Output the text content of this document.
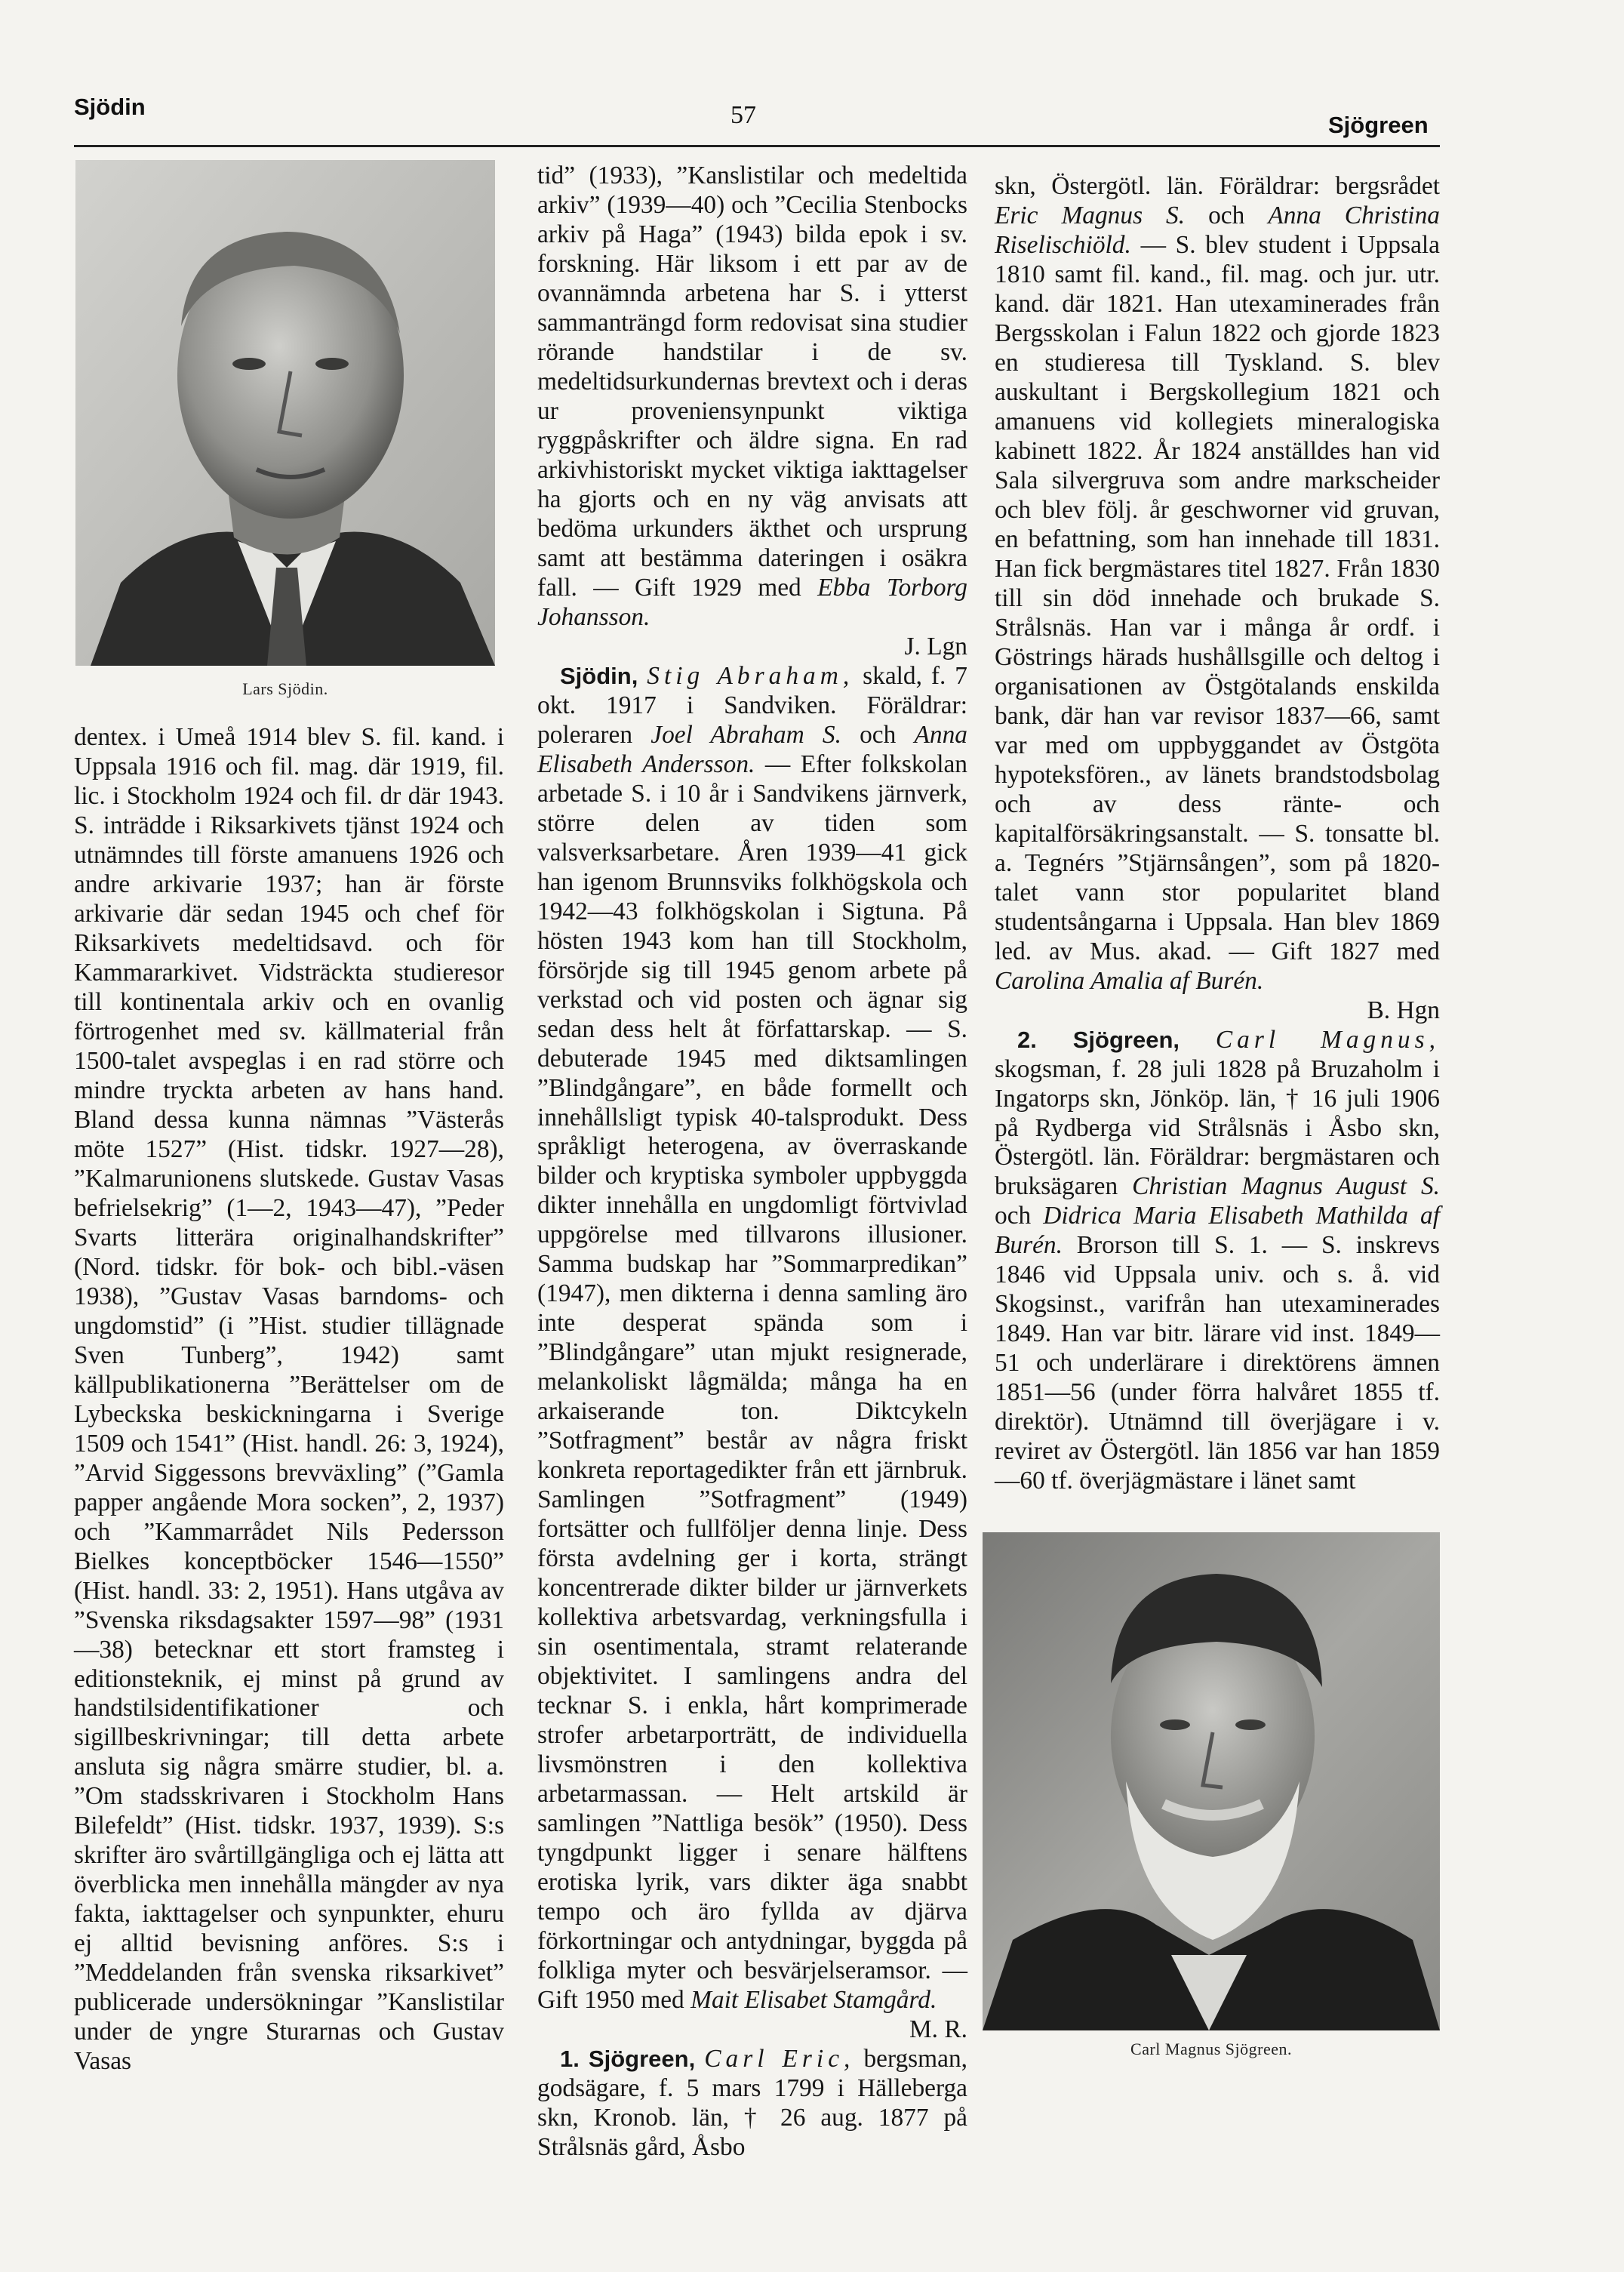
Sjödin	57	Sjögreen
Lars Sjödin.

dentex. i Umeå 1914 blev S. fil. kand. i Uppsala 1916 och fil. mag. där 1919, fil. lic. i Stockholm 1924 och fil. dr där 1943. S. inträdde i Riksarkivets tjänst 1924 och utnämndes till förste amanuens 1926 och andre arkivarie 1937; han är förste arkivarie där sedan 1945 och chef för Riksarkivets medeltidsavd. och för Kammararkivet. Vidsträckta studieresor till kontinentala arkiv och en ovanlig förtrogenhet med sv. källmaterial från 1500-talet avspeglas i en rad större och mindre tryckta arbeten av hans hand. Bland dessa kunna nämnas ”Västerås möte 1527” (Hist. tidskr. 1927—28), ”Kalmarunionens slutskede. Gustav Vasas befrielsekrig” (1—2, 1943—47), ”Peder Svarts litterära originalhandskrifter” (Nord. tidskr. för bok- och bibl.-väsen 1938), ”Gustav Vasas barndoms- och ungdomstid” (i ”Hist. studier tillägnade Sven Tunberg”, 1942) samt källpublikationerna ”Berättelser om de Lybeckska beskickningarna i Sverige 1509 och 1541” (Hist. handl. 26: 3, 1924), ”Arvid Siggessons brevväxling” (”Gamla papper angående Mora socken”, 2, 1937) och ”Kammarrådet Nils Pedersson Bielkes konceptböcker 1546—1550” (Hist. handl. 33: 2, 1951). Hans utgåva av ”Svenska riksdagsakter 1597—98” (1931—38) betecknar ett stort framsteg i editionsteknik, ej minst på grund av handstilsidentifikationer och sigillbeskrivningar; till detta arbete ansluta sig några smärre studier, bl. a. ”Om stadsskrivaren i Stockholm Hans Bilefeldt” (Hist. tidskr. 1937, 1939). S:s skrifter äro svårtillgängliga och ej lätta att överblicka men innehålla mängder av nya fakta, iakttagelser och synpunkter, ehuru ej alltid bevisning anföres. S:s i ”Meddelanden från svenska riksarkivet” publicerade undersökningar ”Kanslistilar under de yngre Sturarnas och Gustav Vasas

tid” (1933), ”Kanslistilar och medeltida arkiv” (1939—40) och ”Cecilia Stenbocks arkiv på Haga” (1943) bilda epok i sv. forskning. Här liksom i ett par av de ovannämnda arbetena har S. i ytterst sammanträngd form redovisat sina studier rörande handstilar i de sv. medeltidsurkundernas brevtext och i deras ur proveniensynpunkt viktiga ryggpåskrifter och äldre signa. En rad arkivhistoriskt mycket viktiga iakttagelser ha gjorts och en ny väg anvisats att bedöma urkunders äkthet och ursprung samt att bestämma dateringen i osäkra fall. — Gift 1929 med Ebba Torborg Johansson.

J. Lgn

Sjödin, Stig Abraham, skald, f. 7 okt. 1917 i Sandviken. Föräldrar: poleraren Joel Abraham S. och Anna Elisabeth Andersson. — Efter folkskolan arbetade S. i 10 år i Sandvikens järnverk, större delen av tiden som valsverksarbetare. Åren 1939—41 gick han igenom Brunnsviks folkhögskola och 1942—43 folkhögskolan i Sigtuna. På hösten 1943 kom han till Stockholm, försörjde sig till 1945 genom arbete på verkstad och vid posten och ägnar sig sedan dess helt åt författarskap. — S. debuterade 1945 med diktsamlingen ”Blindgångare”, en både formellt och innehållsligt typisk 40-talsprodukt. Dess språkligt heterogena, av överraskande bilder och kryptiska symboler uppbyggda dikter innehålla en ungdomligt förtvivlad uppgörelse med tillvarons illusioner. Samma budskap har ”Sommarpredikan” (1947), men dikterna i denna samling äro inte desperat spända som i ”Blindgångare” utan mjukt resignerade, melankoliskt lågmälda; många ha en arkaiserande ton. Diktcykeln ”Sotfragment” består av några friskt konkreta reportagedikter från ett järnbruk. Samlingen ”Sotfragment” (1949) fortsätter och fullföljer denna linje. Dess första avdelning ger i korta, strängt koncentrerade dikter bilder ur järnverkets kollektiva arbetsvardag, verkningsfulla i sin osentimentala, stramt relaterande objektivitet. I samlingens andra del tecknar S. i enkla, hårt komprimerade strofer arbetarporträtt, de individuella livsmönstren i den kollektiva arbetarmassan. — Helt artskild är samlingen ”Nattliga besök” (1950). Dess tyngdpunkt ligger i senare hälftens erotiska lyrik, vars dikter äga snabbt tempo och äro fyllda av djärva förkortningar och antydningar, byggda på folkliga myter och besvärjelseramsor. — Gift 1950 med Mait Elisabet Stamgård.

M. R.

1. Sjögreen, Carl Eric, bergsman, godsägare, f. 5 mars 1799 i Hälleberga skn, Kronob. län, † 26 aug. 1877 på Strålsnäs gård, Åsbo

skn, Östergötl. län. Föräldrar: bergsrådet Eric Magnus S. och Anna Christina Riselischiöld. — S. blev student i Uppsala 1810 samt fil. kand., fil. mag. och jur. utr. kand. där 1821. Han utexaminerades från Bergsskolan i Falun 1822 och gjorde 1823 en studieresa till Tyskland. S. blev auskultant i Bergskollegium 1821 och amanuens vid kollegiets mineralogiska kabinett 1822. År 1824 anställdes han vid Sala silvergruva som andre markscheider och blev följ. år geschworner vid gruvan, en befattning, som han innehade till 1831. Han fick bergmästares titel 1827. Från 1830 till sin död innehade och brukade S. Strålsnäs. Han var i många år ordf. i Göstrings härads hushållsgille och deltog i organisationen av Östgötalands enskilda bank, där han var revisor 1837—66, samt var med om uppbyggandet av Östgöta hypoteksfören., av länets brandstodsbolag och av dess ränte- och kapitalförsäkringsanstalt. — S. tonsatte bl. a. Tegnérs ”Stjärnsången”, som på 1820-talet vann stor popularitet bland studentsångarna i Uppsala. Han blev 1869 led. av Mus. akad. — Gift 1827 med Carolina Amalia af Burén.

B. Hgn

2. Sjögreen, Carl Magnus, skogsman, f. 28 juli 1828 på Bruzaholm i Ingatorps skn, Jönköp. län, † 16 juli 1906 på Rydberga vid Strålsnäs i Åsbo skn, Östergötl. län. Föräldrar: bergmästaren och bruksägaren Christian Magnus August S. och Didrica Maria Elisabeth Mathilda af Burén. Brorson till S. 1. — S. inskrevs 1846 vid Uppsala univ. och s. å. vid Skogsinst., varifrån han utexaminerades 1849. Han var bitr. lärare vid inst. 1849—51 och underlärare i direktörens ämnen 1851—56 (under förra halvåret 1855 tf. direktör). Utnämnd till överjägare i v. reviret av Östergötl. län 1856 var han 1859—60 tf. överjägmästare i länet samt

Carl Magnus Sjögreen.
